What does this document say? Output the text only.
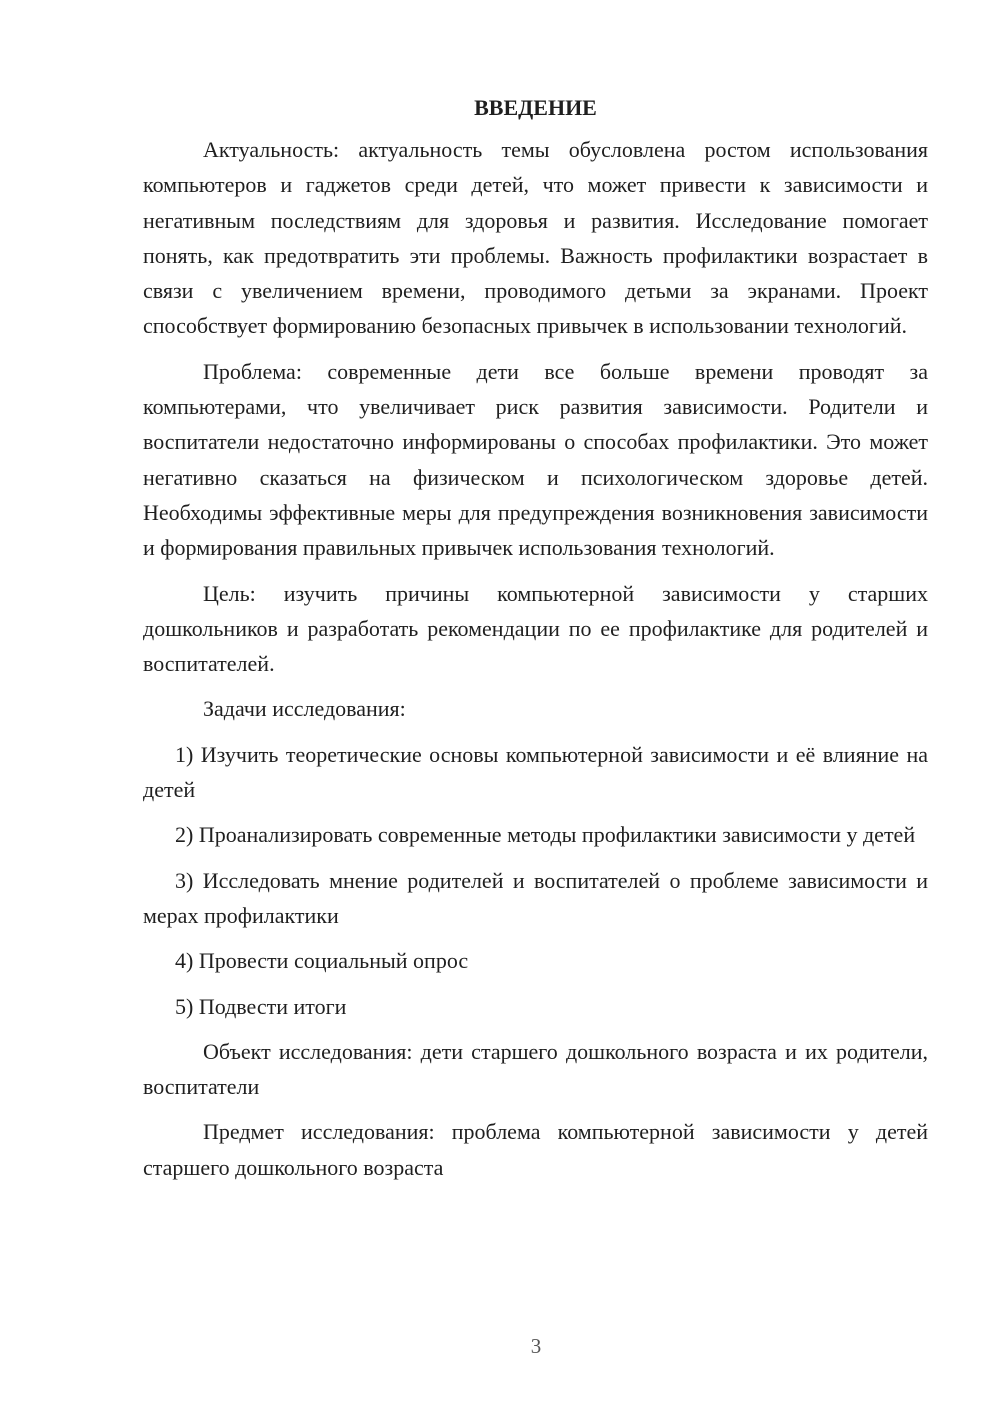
ВВЕДЕНИЕ

Актуальность: актуальность темы обусловлена ростом использования компьютеров и гаджетов среди детей, что может привести к зависимости и негативным последствиям для здоровья и развития. Исследование помогает понять, как предотвратить эти проблемы. Важность профилактики возрастает в связи с увеличением времени, проводимого детьми за экранами. Проект способствует формированию безопасных привычек в использовании технологий.

Проблема: современные дети все больше времени проводят за компьютерами, что увеличивает риск развития зависимости. Родители и воспитатели недостаточно информированы о способах профилактики. Это может негативно сказаться на физическом и психологическом здоровье детей. Необходимы эффективные меры для предупреждения возникновения зависимости и формирования правильных привычек использования технологий.

Цель: изучить причины компьютерной зависимости у старших дошкольников и разработать рекомендации по ее профилактике для родителей и воспитателей.

Задачи исследования:

1) Изучить теоретические основы компьютерной зависимости и её влияние на детей

2) Проанализировать современные методы профилактики зависимости у детей

3) Исследовать мнение родителей и воспитателей о проблеме зависимости и мерах профилактики

4) Провести социальный опрос

5) Подвести итоги

Объект исследования: дети старшего дошкольного возраста и их родители, воспитатели

Предмет исследования: проблема компьютерной зависимости у детей старшего дошкольного возраста

3
